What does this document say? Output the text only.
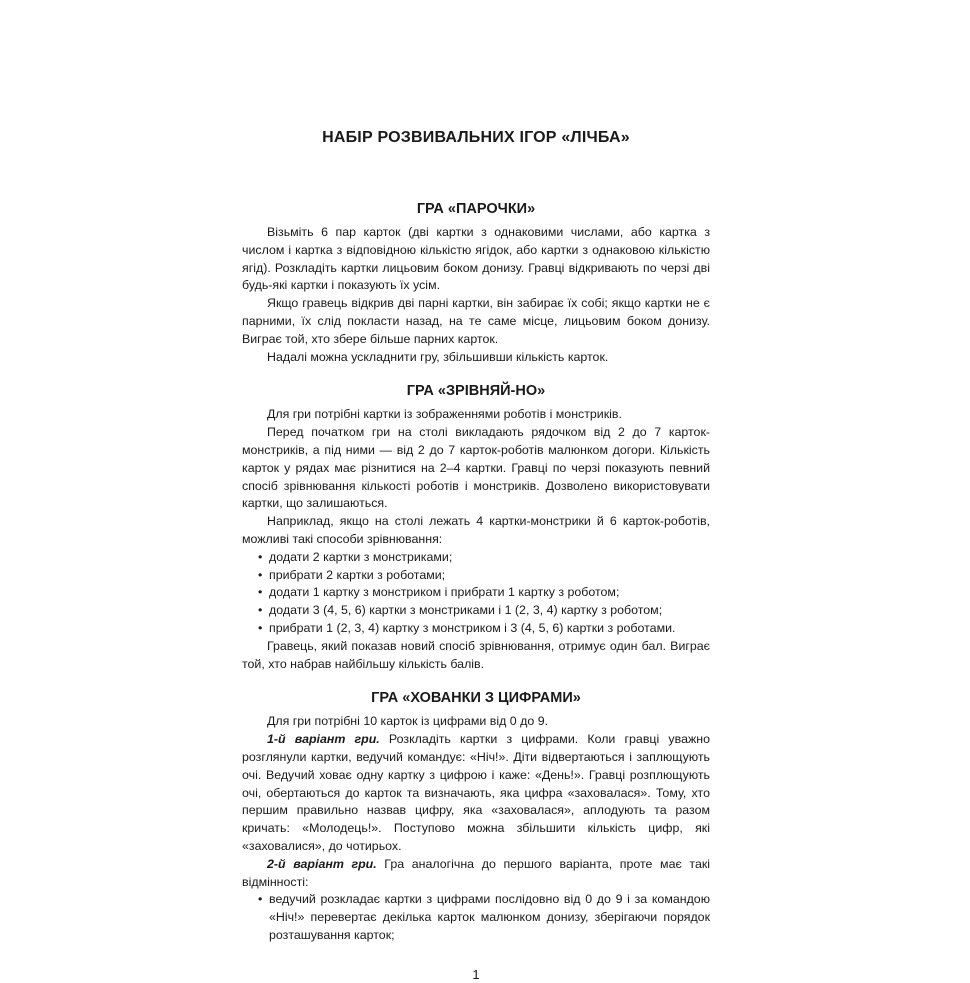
НАБІР РОЗВИВАЛЬНИХ ІГОР «ЛІЧБА»
ГРА «ПАРОЧКИ»

Візьміть 6 пар карток (дві картки з однаковими числами, або картка з числом і картка з відповідною кількістю ягідок, або картки з однаковою кількістю ягід). Розкладіть картки лицьовим боком донизу. Гравці відкривають по черзі дві будь-які картки і показують їх усім.

Якщо гравець відкрив дві парні картки, він забирає їх собі; якщо картки не є парними, їх слід покласти назад, на те саме місце, лицьовим боком донизу. Виграє той, хто збере більше парних карток.

Надалі можна ускладнити гру, збільшивши кількість карток.

ГРА «ЗРІВНЯЙ-НО»

Для гри потрібні картки із зображеннями роботів і монстриків.

Перед початком гри на столі викладають рядочком від 2 до 7 карток-монстриків, а під ними — від 2 до 7 карток-роботів малюнком догори. Кількість карток у рядах має різнитися на 2–4 картки. Гравці по черзі показують певний спосіб зрівнювання кількості роботів і монстриків. Дозволено використовувати картки, що залишаються.

Наприклад, якщо на столі лежать 4 картки-монстрики й 6 карток-роботів, можливі такі способи зрівнювання:

• додати 2 картки з монстриками;
• прибрати 2 картки з роботами;
• додати 1 картку з монстриком і прибрати 1 картку з роботом;
• додати 3 (4, 5, 6) картки з монстриками і 1 (2, 3, 4) картку з роботом;
• прибрати 1 (2, 3, 4) картку з монстриком і 3 (4, 5, 6) картки з роботами.

Гравець, який показав новий спосіб зрівнювання, отримує один бал. Виграє той, хто набрав найбільшу кількість балів.

ГРА «ХОВАНКИ З ЦИФРАМИ»

Для гри потрібні 10 карток із цифрами від 0 до 9.

1-й варіант гри. Розкладіть картки з цифрами. Коли гравці уважно розглянули картки, ведучий командує: «Ніч!». Діти відвертаються і заплющують очі. Ведучий ховає одну картку з цифрою і каже: «День!». Гравці розплющують очі, обертаються до карток та визначають, яка цифра «заховалася». Тому, хто першим правильно назвав цифру, яка «заховалася», аплодують та разом кричать: «Молодець!». Поступово можна збільшити кількість цифр, які «заховалися», до чотирьох.

2-й варіант гри. Гра аналогічна до першого варіанта, проте має такі відмінності:

• ведучий розкладає картки з цифрами послідовно від 0 до 9 і за командою «Ніч!» перевертає декілька карток малюнком донизу, зберігаючи порядок розташування карток;
1
